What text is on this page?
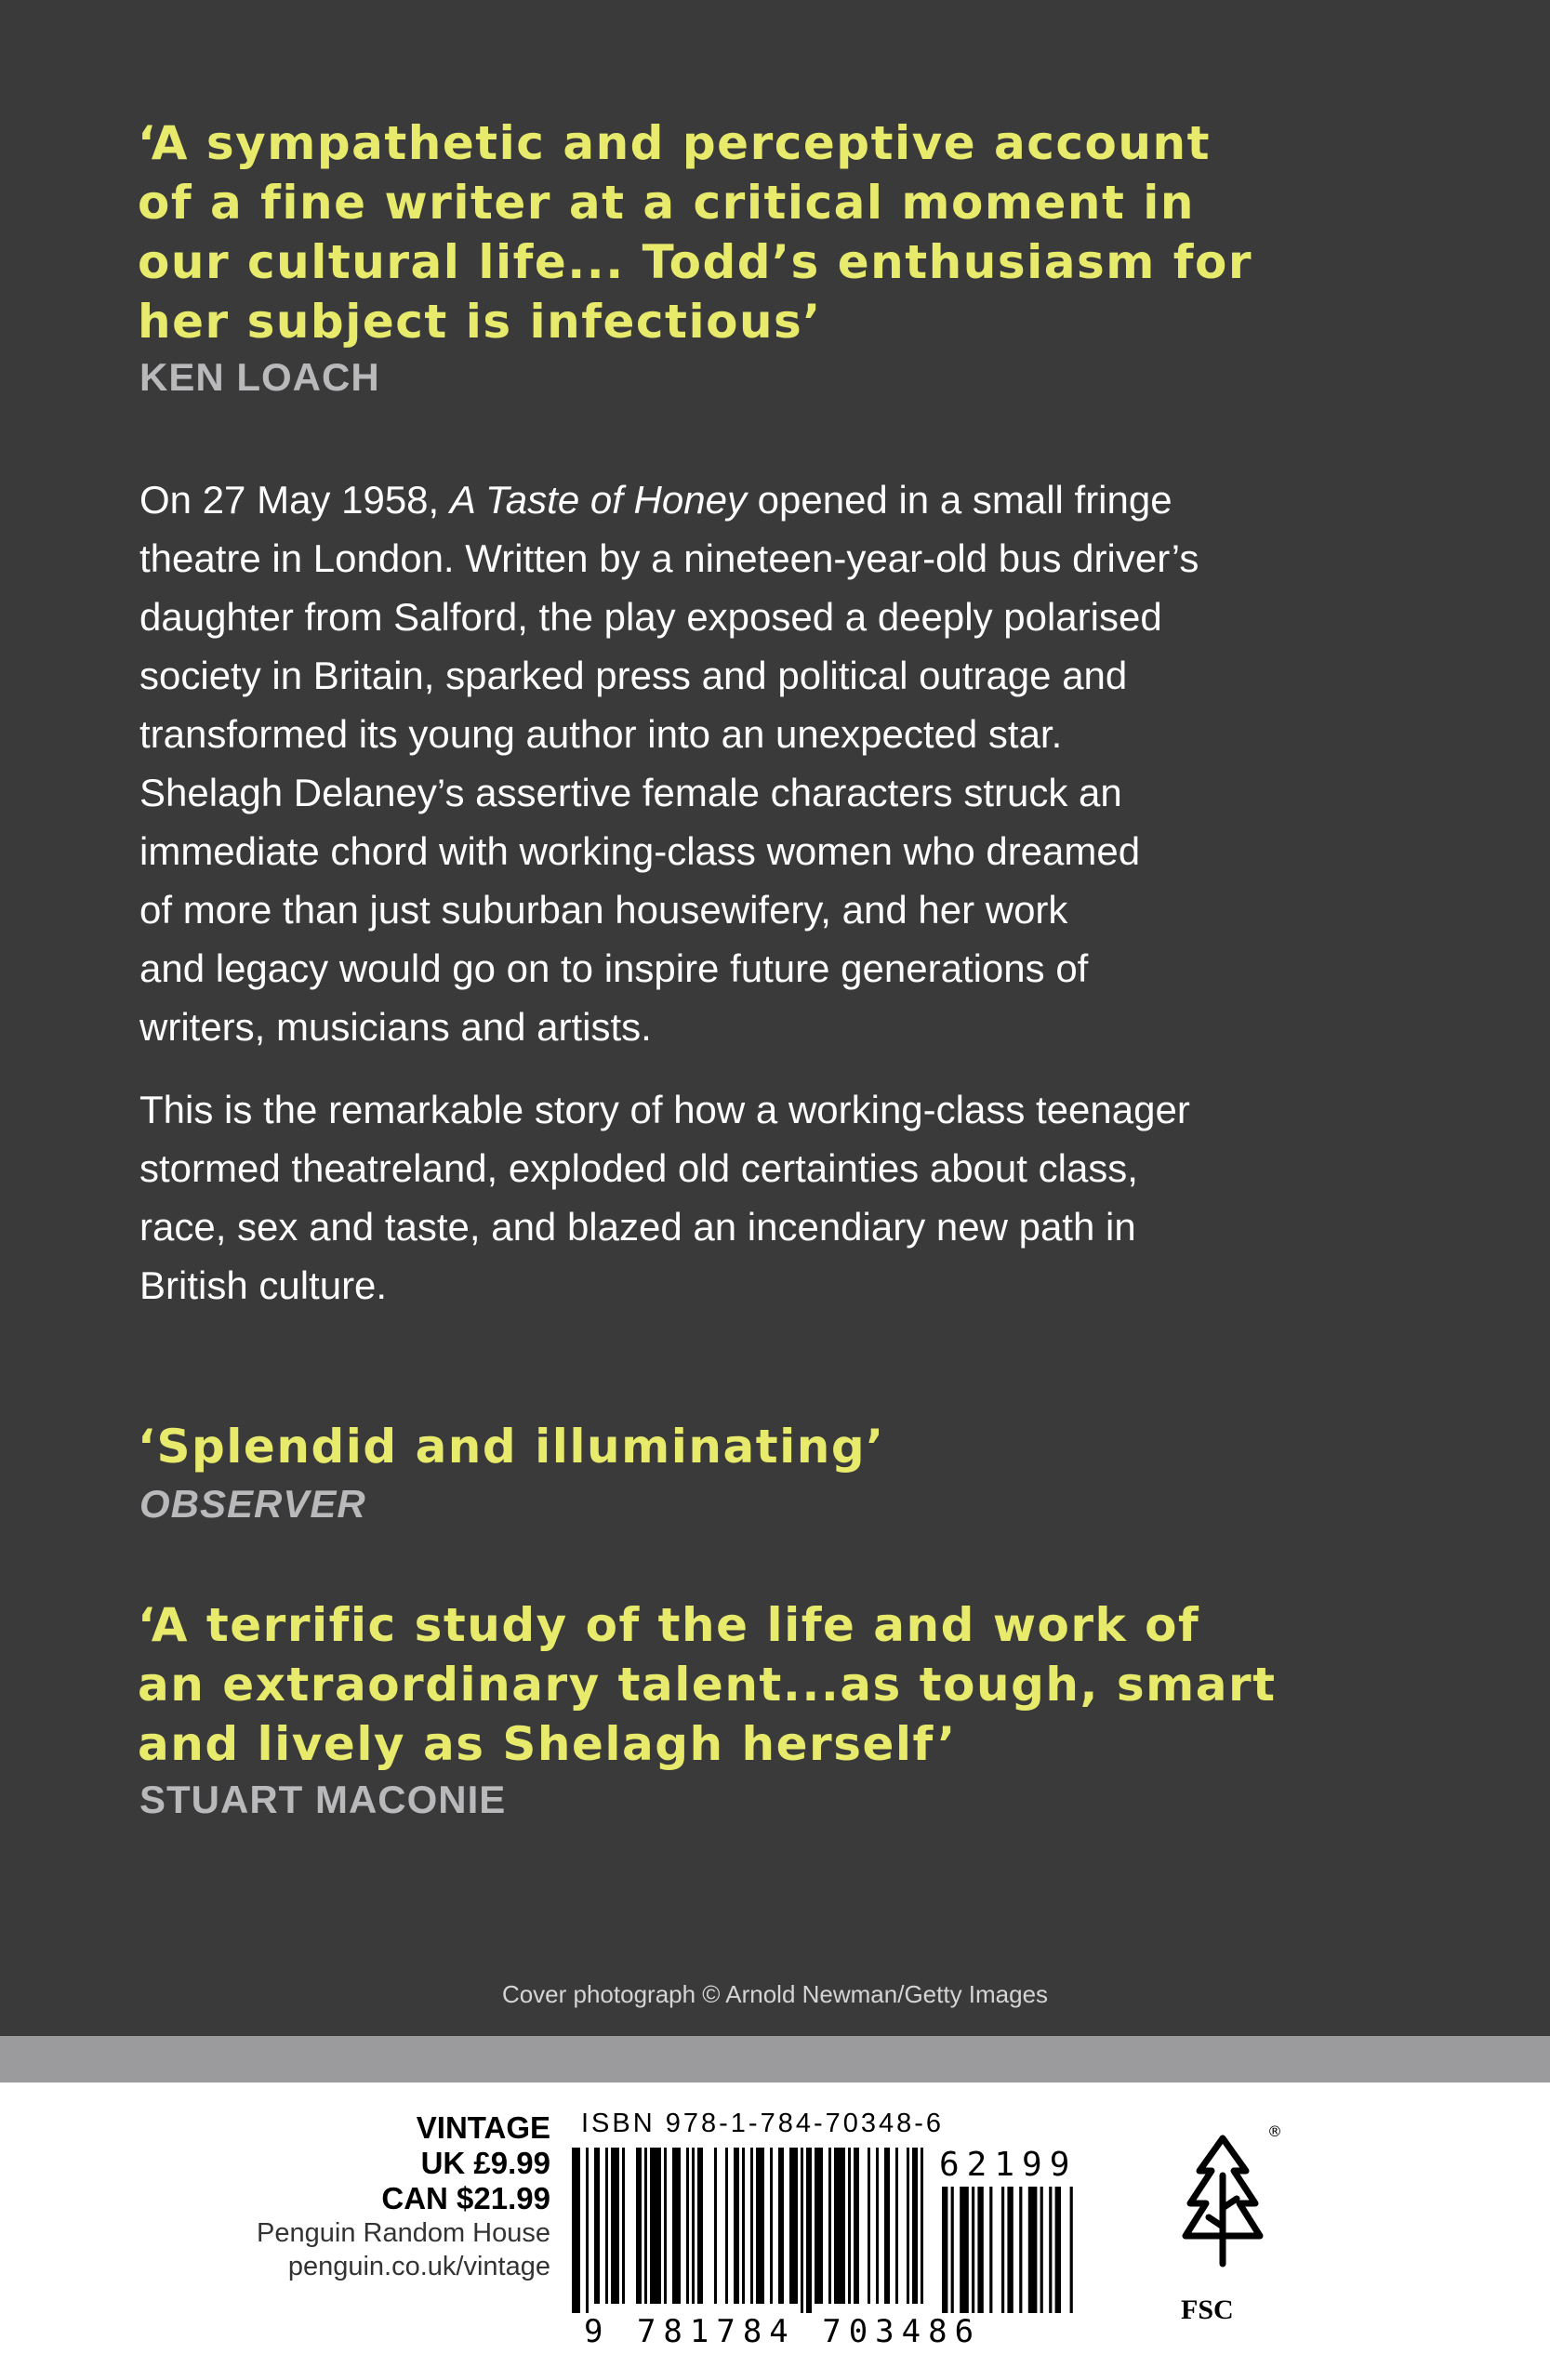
‘A sympathetic and perceptive account
of a fine writer at a critical moment in
our cultural life... Todd’s enthusiasm for
her subject is infectious’
KEN LOACH
On 27 May 1958, A Taste of Honey opened in a small fringe
theatre in London. Written by a nineteen-year-old bus driver’s
daughter from Salford, the play exposed a deeply polarised
society in Britain, sparked press and political outrage and
transformed its young author into an unexpected star.
Shelagh Delaney’s assertive female characters struck an
immediate chord with working-class women who dreamed
of more than just suburban housewifery, and her work
and legacy would go on to inspire future generations of
writers, musicians and artists.
This is the remarkable story of how a working-class teenager
stormed theatreland, exploded old certainties about class,
race, sex and taste, and blazed an incendiary new path in
British culture.
‘Splendid and illuminating’
OBSERVER
‘A terrific study of the life and work of
an extraordinary talent...as tough, smart
and lively as Shelagh herself’
STUART MACONIE
Cover photograph © Arnold Newman/Getty Images
VINTAGE
UK £9.99
CAN $21.99
Penguin Random House
penguin.co.uk/vintage
ISBN 978-1-784-70348-6
62199
9 781784 703486
®
FSC
